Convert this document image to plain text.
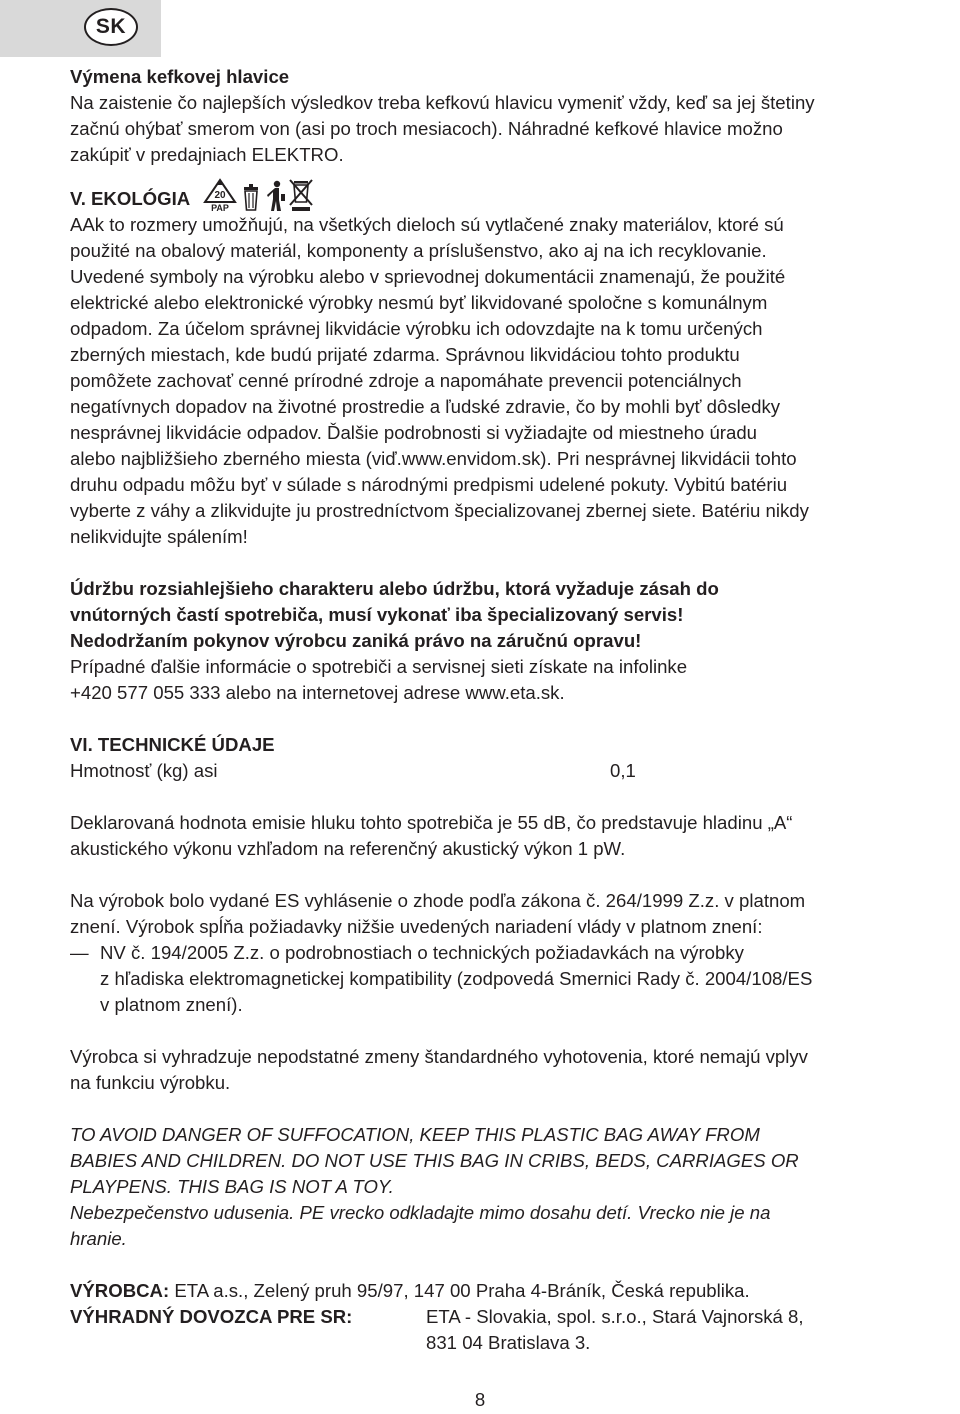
SK

Výmena kefkovej hlavice

Na zaistenie čo najlepších výsledkov treba kefkovú hlavicu vymeniť vždy, keď sa jej štetiny

začnú ohýbať smerom von (asi po troch mesiacoch). Náhradné kefkové hlavice možno

zakúpiť v predajniach ELEKTRO.

V. EKOLÓGIA 20
PAP

AAk to rozmery umožňujú, na všetkých dieloch sú vytlačené znaky materiálov, ktoré sú

použité na obalový materiál, komponenty a príslušenstvo, ako aj na ich recyklovanie.

Uvedené symboly na výrobku alebo v sprievodnej dokumentácii znamenajú, že použité

elektrické alebo elektronické výrobky nesmú byť likvidované spoločne s komunálnym

odpadom. Za účelom správnej likvidácie výrobku ich odovzdajte na k tomu určených

zberných miestach, kde budú prijaté zdarma. Správnou likvidáciou tohto produktu

pomôžete zachovať cenné prírodné zdroje a napomáhate prevencii potenciálnych

negatívnych dopadov na životné prostredie a ľudské zdravie, čo by mohli byť dôsledky

nesprávnej likvidácie odpadov. Ďalšie podrobnosti si vyžiadajte od miestneho úradu

alebo najbližšieho zberného miesta (viď.www.envidom.sk). Pri nesprávnej likvidácii tohto

druhu odpadu môžu byť v súlade s národnými predpismi udelené pokuty. Vybitú batériu

vyberte z váhy a zlikvidujte ju prostredníctvom špecializovanej zbernej siete. Batériu nikdy

nelikvidujte spálením!

Údržbu rozsiahlejšieho charakteru alebo údržbu, ktorá vyžaduje zásah do

vnútorných častí spotrebiča, musí vykonať iba špecializovaný servis!

Nedodržaním pokynov výrobcu zaniká právo na záručnú opravu!

Prípadné ďalšie informácie o spotrebiči a servisnej sieti získate na infolinke

+420 577 055 333 alebo na internetovej adrese www.eta.sk.

VI. TECHNICKÉ ÚDAJE

Hmotnosť (kg) asi	0,1

Deklarovaná hodnota emisie hluku tohto spotrebiča je 55 dB, čo predstavuje hladinu „A“

akustického výkonu vzhľadom na referenčný akustický výkon 1 pW.

Na výrobok bolo vydané ES vyhlásenie o zhode podľa zákona č. 264/1999 Z.z. v platnom

znení. Výrobok spĺňa požiadavky nižšie uvedených nariadení vlády v platnom znení:

— NV č. 194/2005 Z.z. o podrobnostiach o technických požiadavkách na výrobky

z hľadiska elektromagnetickej kompatibility (zodpovedá Smernici Rady č. 2004/108/ES

v platnom znení).

Výrobca si vyhradzuje nepodstatné zmeny štandardného vyhotovenia, ktoré nemajú vplyv

na funkciu výrobku.

TO AVOID DANGER OF SUFFOCATION, KEEP THIS PLASTIC BAG AWAY FROM

BABIES AND CHILDREN. DO NOT USE THIS BAG IN CRIBS, BEDS, CARRIAGES OR

PLAYPENS. THIS BAG IS NOT A TOY.

Nebezpečenstvo udusenia. PE vrecko odkladajte mimo dosahu detí. Vrecko nie je na

hranie.

VÝROBCA: ETA a.s., Zelený pruh 95/97, 147 00 Praha 4-Bráník, Česká republika.

VÝHRADNÝ DOVOZCA PRE SR:	ETA - Slovakia, spol. s.r.o., Stará Vajnorská 8,

831 04 Bratislava 3.

8
